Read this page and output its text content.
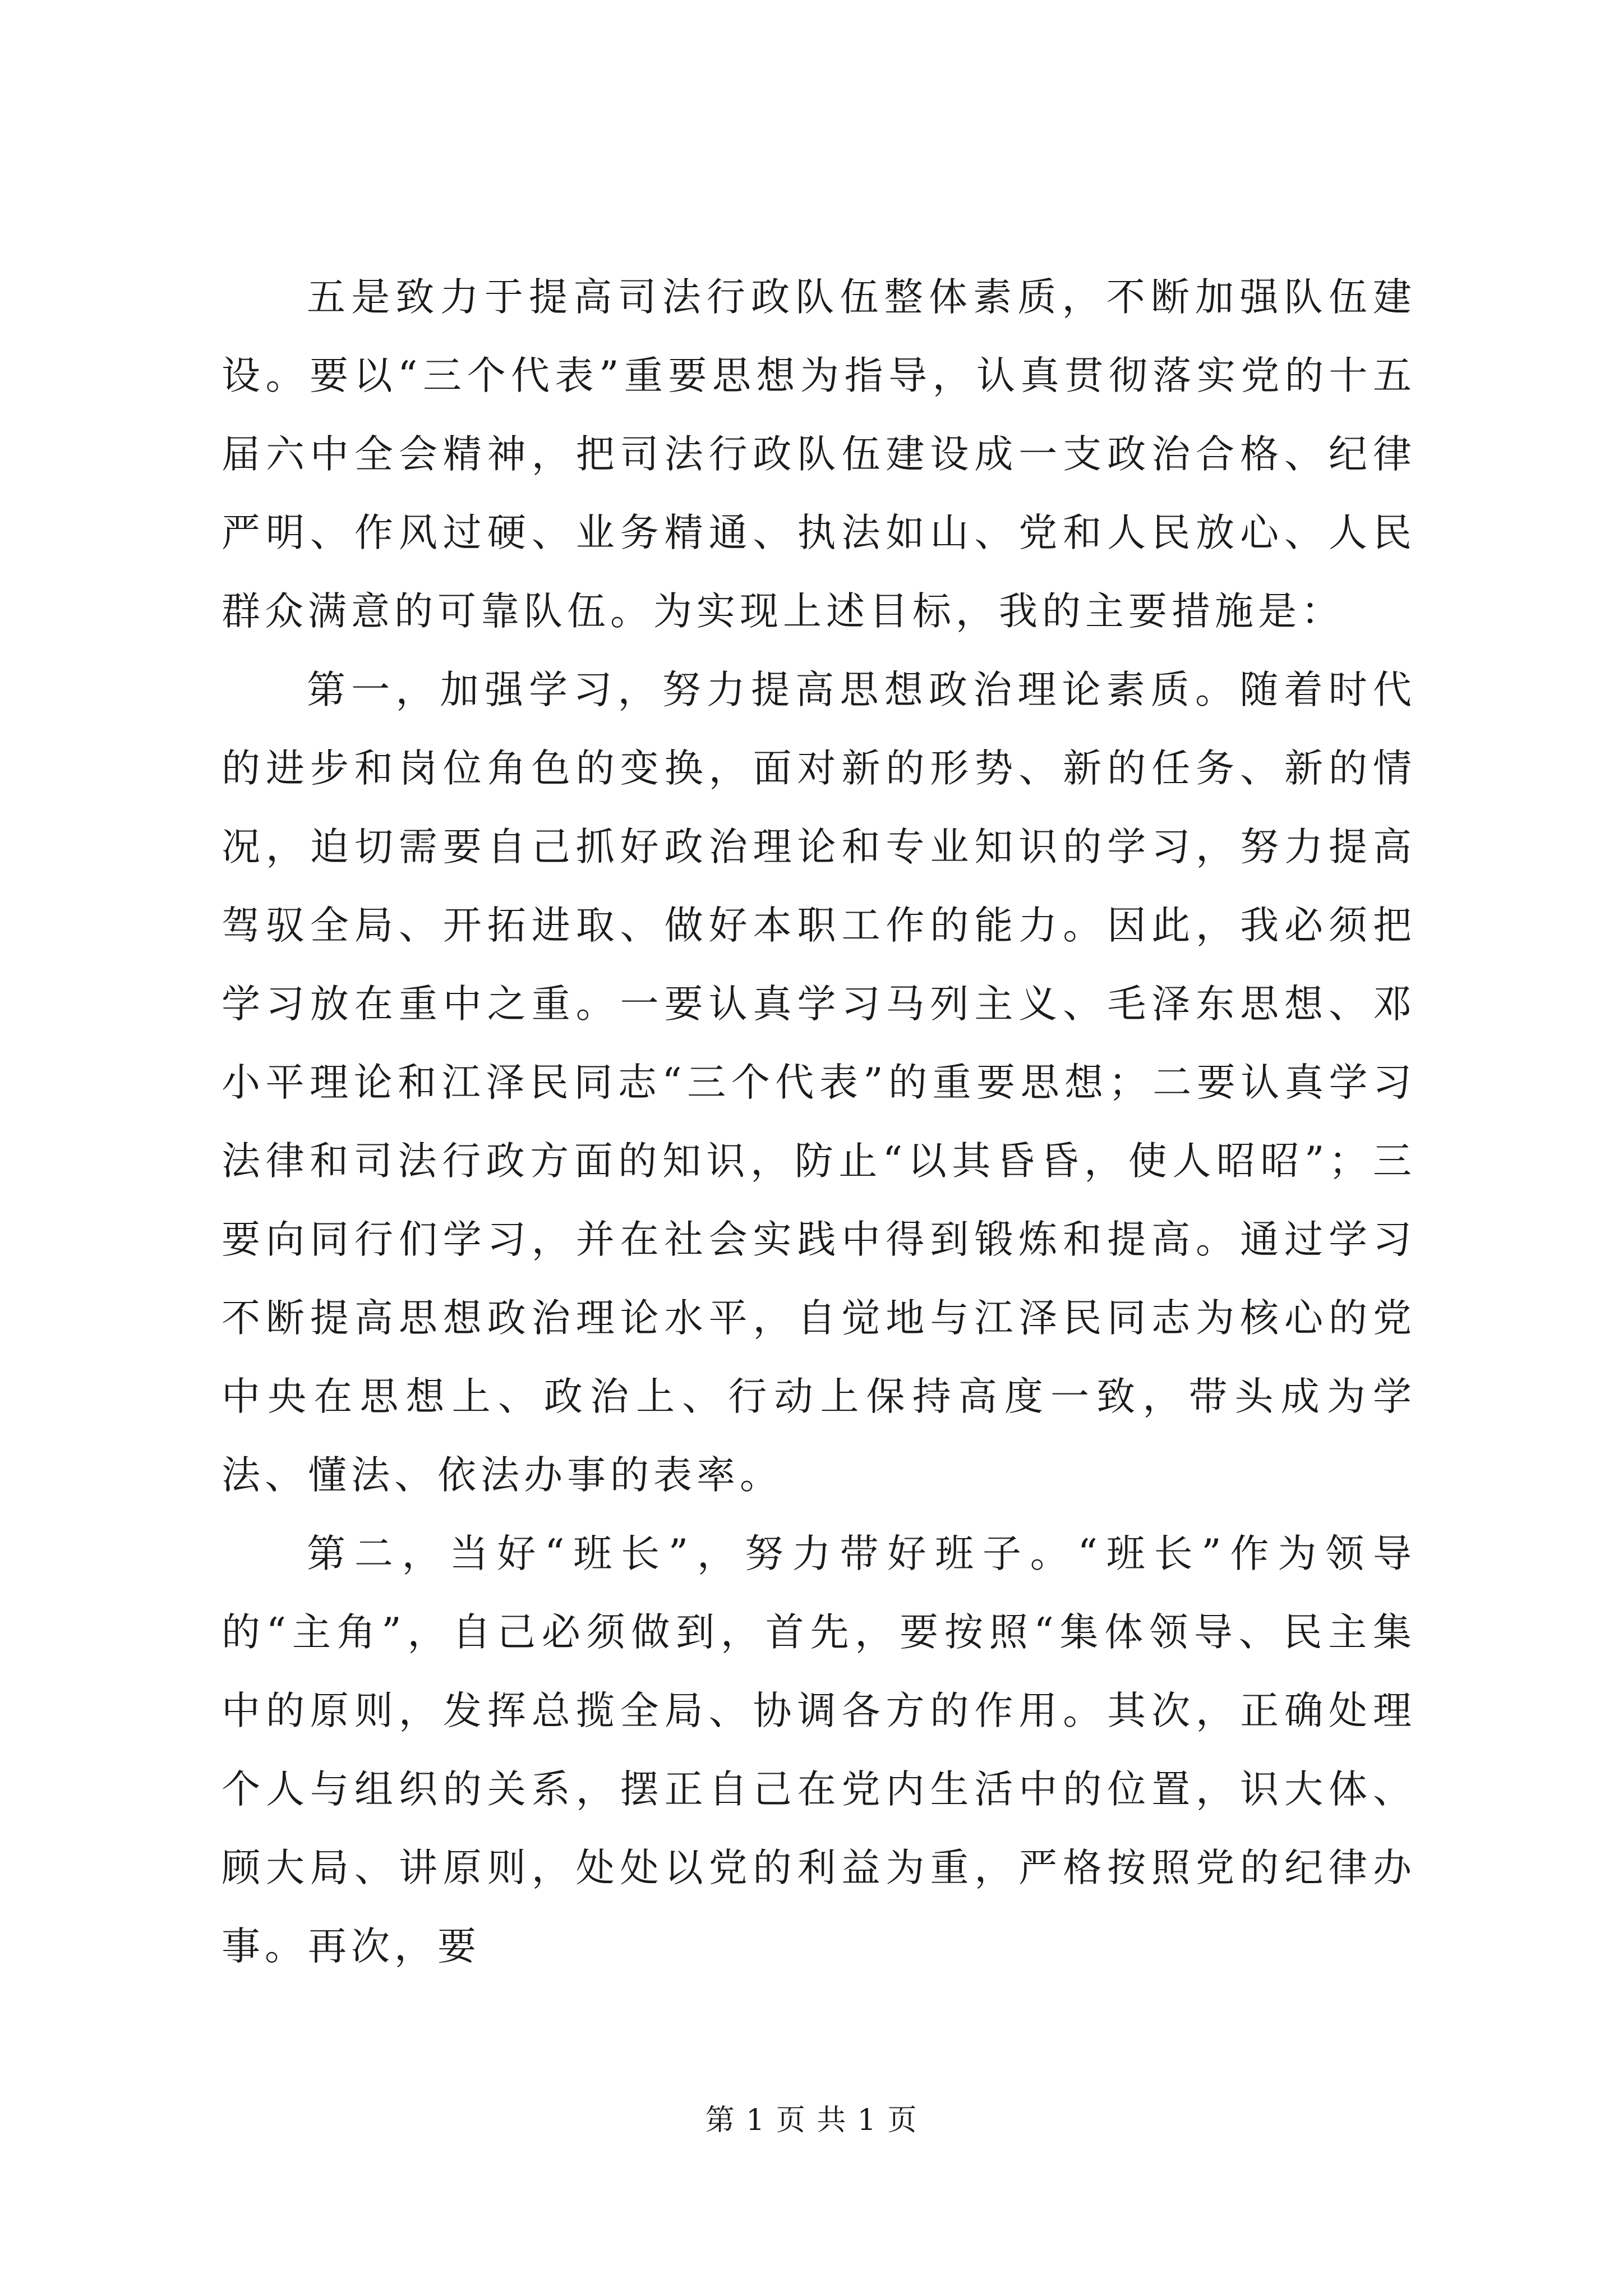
五是致力于提高司法行政队伍整体素质，不断加强队伍建设。要以“三个代表”重要思想为指导，认真贯彻落实党的十五届六中全会精神，把司法行政队伍建设成一支政治合格、纪律严明、作风过硬、业务精通、执法如山、党和人民放心、人民群众满意的可靠队伍。为实现上述目标，我的主要措施是：

第一，加强学习，努力提高思想政治理论素质。随着时代的进步和岗位角色的变换，面对新的形势、新的任务、新的情况，迫切需要自己抓好政治理论和专业知识的学习，努力提高驾驭全局、开拓进取、做好本职工作的能力。因此，我必须把学习放在重中之重。一要认真学习马列主义、毛泽东思想、邓小平理论和江泽民同志“三个代表”的重要思想；二要认真学习法律和司法行政方面的知识，防止“以其昏昏，使人昭昭”；三要向同行们学习，并在社会实践中得到锻炼和提高。通过学习不断提高思想政治理论水平，自觉地与江泽民同志为核心的党中央在思想上、政治上、行动上保持高度一致，带头成为学法、懂法、依法办事的表率。

第二，当好“班长”，努力带好班子。“班长”作为领导的“主角”，自己必须做到，首先，要按照“集体领导、民主集中的原则，发挥总揽全局、协调各方的作用。其次，正确处理个人与组织的关系，摆正自己在党内生活中的位置，识大体、顾大局、讲原则，处处以党的利益为重，严格按照党的纪律办事。再次，要

第 1 页 共 1 页
